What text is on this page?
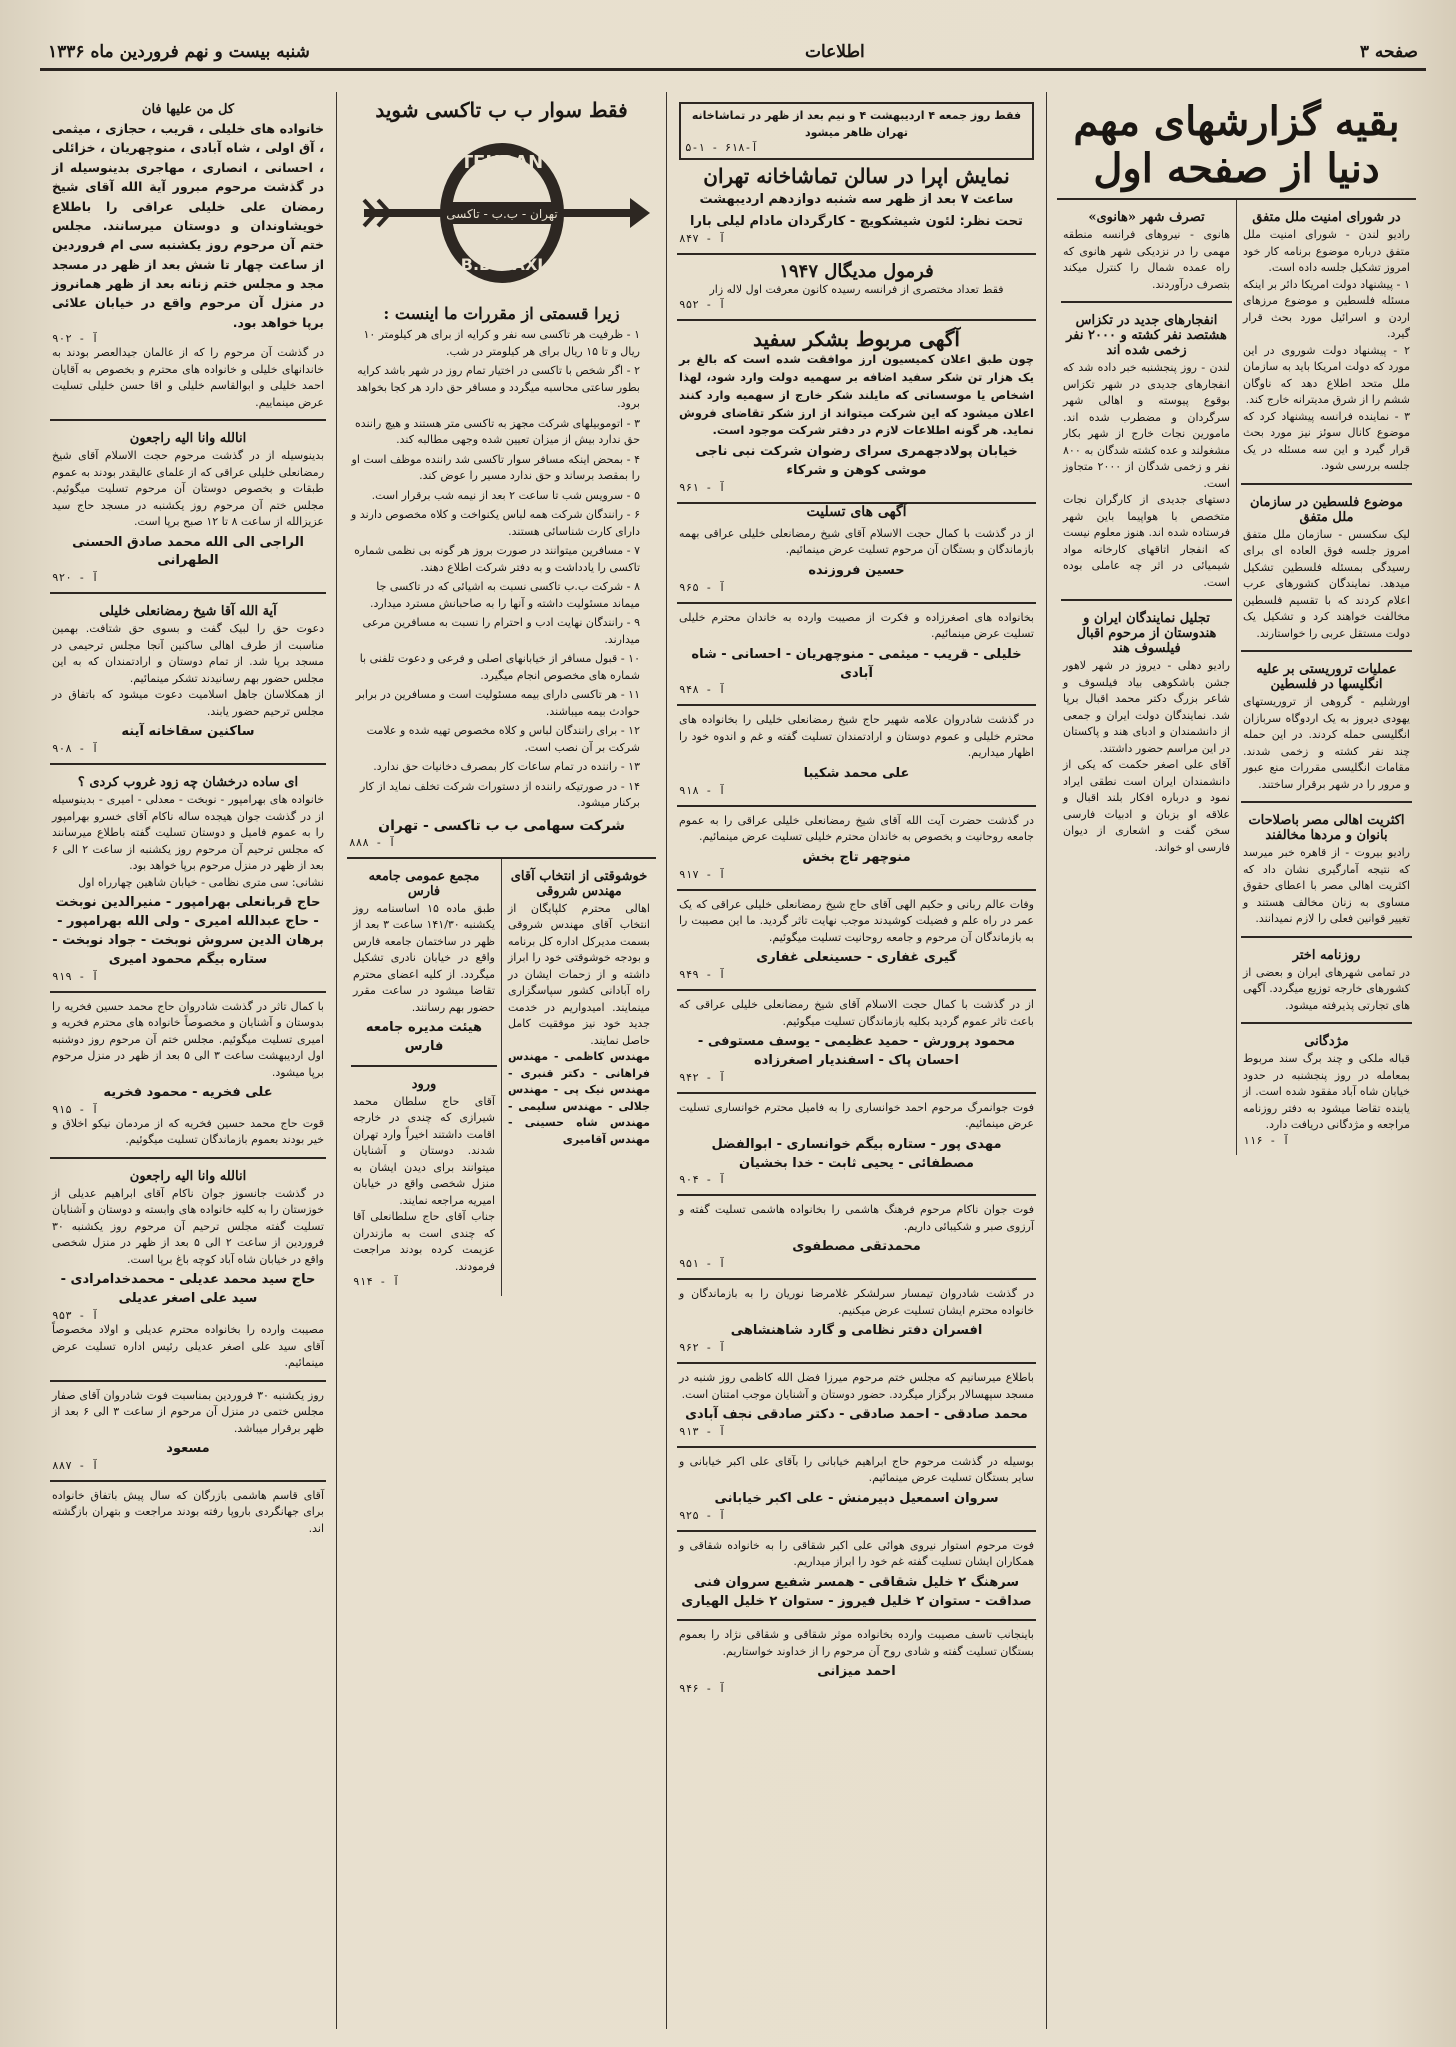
صفحه ۳
اطلاعات
شنبه بیست و نهم فروردین ماه ۱۳۳۶
بقیه گزارشهای مهم دنیا از صفحه اول
در شورای امنیت ملل متفق
رادیو لندن - شورای امنیت ملل متفق درباره موضوع برنامه کار خود امروز تشکیل جلسه داده است.
۱ - پیشنهاد دولت امریکا دائر بر اینکه مسئله فلسطین و موضوع مرزهای اردن و اسرائیل مورد بحث قرار گیرد.
۲ - پیشنهاد دولت شوروی در این مورد که دولت امریکا باید به سازمان ملل متحد اطلاع دهد که ناوگان ششم را از شرق مدیترانه خارج کند.
۳ - نماینده فرانسه پیشنهاد کرد که موضوع کانال سوئز نیز مورد بحث قرار گیرد و این سه مسئله در یک جلسه بررسی شود.
موضوع فلسطین در سازمان ملل متفق
لیک سکسس - سازمان ملل متفق امروز جلسه فوق العاده ای برای رسیدگی بمسئله فلسطین تشکیل میدهد. نمایندگان کشورهای عرب اعلام کردند که با تقسیم فلسطین مخالفت خواهند کرد و تشکیل یک دولت مستقل عربی را خواستارند.
عملیات تروریستی بر علیه انگلیسها در فلسطین
اورشلیم - گروهی از تروریستهای یهودی دیروز به یک اردوگاه سربازان انگلیسی حمله کردند. در این حمله چند نفر کشته و زخمی شدند. مقامات انگلیسی مقررات منع عبور و مرور را در شهر برقرار ساختند.
اکثریت اهالی مصر باصلاحات بانوان و مردها مخالفند
رادیو بیروت - از قاهره خبر میرسد که نتیجه آمارگیری نشان داد که اکثریت اهالی مصر با اعطای حقوق مساوی به زنان مخالف هستند و تغییر قوانین فعلی را لازم نمیدانند.
روزنامه اختر
در تمامی شهرهای ایران و بعضی از کشورهای خارجه توزیع میگردد. آگهی های تجارتی پذیرفته میشود.
مژدگانی
قباله ملکی و چند برگ سند مربوط بمعامله در روز پنجشنبه در حدود خیابان شاه آباد مفقود شده است. از یابنده تقاضا میشود به دفتر روزنامه مراجعه و مژدگانی دریافت دارد.
آ - ۱۱۶
تصرف شهر «هانوی»
هانوی - نیروهای فرانسه منطقه مهمی را در نزدیکی شهر هانوی که راه عمده شمال را کنترل میکند بتصرف درآوردند.
انفجارهای جدید در تکزاس هشتصد نفر کشته و ۲۰۰۰ نفر زخمی شده اند
لندن - روز پنجشنبه خبر داده شد که انفجارهای جدیدی در شهر تکزاس بوقوع پیوسته و اهالی شهر سرگردان و مضطرب شده اند. مامورین نجات خارج از شهر بکار مشغولند و عده کشته شدگان به ۸۰۰ نفر و زخمی شدگان از ۲۰۰۰ متجاوز است.
دستهای جدیدی از کارگران نجات متخصص با هواپیما باین شهر فرستاده شده اند. هنوز معلوم نیست که انفجار اتاقهای کارخانه مواد شیمیائی در اثر چه عاملی بوده است.
تجلیل نمایندگان ایران و هندوستان از مرحوم اقبال فیلسوف هند
رادیو دهلی - دیروز در شهر لاهور جشن باشکوهی بیاد فیلسوف و شاعر بزرگ دکتر محمد اقبال برپا شد. نمایندگان دولت ایران و جمعی از دانشمندان و ادبای هند و پاکستان در این مراسم حضور داشتند.
آقای علی اصغر حکمت که یکی از دانشمندان ایران است نطقی ایراد نمود و درباره افکار بلند اقبال و علاقه او بزبان و ادبیات فارسی سخن گفت و اشعاری از دیوان فارسی او خواند.
فقط روز جمعه ۴ اردیبهشت ۴ و نیم بعد از ظهر در تماشاخانه تهران ظاهر میشود
آ-۶۱۸ - ۱-۵
نمایش اپرا در سالن تماشاخانه تهران
ساعت ۷ بعد از ظهر سه شنبه دوازدهم اردیبهشت
تحت نظر: لئون شیشکویچ - کارگردان مادام لیلی بارا
آ - ۸۴۷
فرمول مدیگال ۱۹۴۷
فقط تعداد مختصری از فرانسه رسیده کانون معرفت اول لاله زار
آ - ۹۵۲
آگهی مربوط بشکر سفید
چون طبق اعلان کمیسیون ارز موافقت شده است که بالغ بر یک هزار تن شکر سفید اضافه بر سهمیه دولت وارد شود، لهذا اشخاص یا موسساتی که مایلند شکر خارج از سهمیه وارد کنند اعلان میشود که این شرکت میتواند از ارز شکر تقاضای فروش نماید. هر گونه اطلاعات لازم در دفتر شرکت موجود است.
خیابان پولادجهمری سرای رضوان شرکت نبی ناجی موشی کوهن و شرکاء
آ - ۹۶۱
آگهی های تسلیت
از در گذشت با کمال حجت الاسلام آقای شیخ رمضانعلی خلیلی عراقی بهمه بازماندگان و بستگان آن مرحوم تسلیت عرض مینمائیم.
حسین فروزنده
آ - ۹۶۵
بخانواده های اصغرزاده و فکرت از مصیبت وارده به خاندان محترم خلیلی تسلیت عرض مینمائیم.
خلیلی - قریب - میثمی - منوچهریان - احسانی - شاه آبادی
آ - ۹۴۸
در گذشت شادروان علامه شهیر حاج شیخ رمضانعلی خلیلی را بخانواده های محترم خلیلی و عموم دوستان و ارادتمندان تسلیت گفته و غم و اندوه خود را اظهار میداریم.
علی محمد شکیبا
آ - ۹۱۸
در گذشت حضرت آیت الله آقای شیخ رمضانعلی خلیلی عراقی را به عموم جامعه روحانیت و بخصوص به خاندان محترم خلیلی تسلیت عرض مینمائیم.
منوچهر تاج بخش
آ - ۹۱۷
وفات عالم ربانی و حکیم الهی آقای حاج شیخ رمضانعلی خلیلی عراقی که یک عمر در راه علم و فضیلت کوشیدند موجب نهایت تاثر گردید. ما این مصیبت را به بازماندگان آن مرحوم و جامعه روحانیت تسلیت میگوئیم.
گیری غفاری - حسینعلی غفاری
آ - ۹۴۹
از در گذشت با کمال حجت الاسلام آقای شیخ رمضانعلی خلیلی عراقی که باعث تاثر عموم گردید بکلیه بازماندگان تسلیت میگوئیم.
محمود پرورش - حمید عظیمی - یوسف مستوفی - احسان پاک - اسفندیار اصغرزاده
آ - ۹۴۲
فوت جوانمرگ مرحوم احمد خوانساری را به فامیل محترم خوانساری تسلیت عرض مینمائیم.
مهدی پور - ستاره بیگم خوانساری - ابوالفضل مصطفائی - یحیی ثابت - خدا بخشیان
آ - ۹۰۴
فوت جوان ناکام مرحوم فرهنگ هاشمی را بخانواده هاشمی تسلیت گفته و آرزوی صبر و شکیبائی داریم.
محمدتقی مصطفوی
آ - ۹۵۱
در گذشت شادروان تیمسار سرلشکر غلامرضا نوریان را به بازماندگان و خانواده محترم ایشان تسلیت عرض میکنیم.
افسران دفتر نظامی و گارد شاهنشاهی
آ - ۹۶۲
باطلاع میرسانیم که مجلس ختم مرحوم میرزا فضل الله کاظمی روز شنبه در مسجد سپهسالار برگزار میگردد. حضور دوستان و آشنایان موجب امتنان است.
محمد صادقی - احمد صادقی - دکتر صادقی نجف آبادی
آ - ۹۱۳
بوسیله در گذشت مرحوم حاج ابراهیم خیابانی را بآقای علی اکبر خیابانی و سایر بستگان تسلیت عرض مینمائیم.
سروان اسمعیل دبیرمنش - علی اکبر خیابانی
آ - ۹۲۵
فوت مرحوم استوار نیروی هوائی علی اکبر شقاقی را به خانواده شقاقی و همکاران ایشان تسلیت گفته غم خود را ابراز میداریم.
سرهنگ ۲ خلیل شقاقی - همسر شفیع سروان فنی صداقت - ستوان ۲ خلیل فیروز - ستوان ۲ خلیل الهیاری
باینجانب تاسف مصیبت وارده بخانواده موثر شقاقی و شقاقی نژاد را بعموم بستگان تسلیت گفته و شادی روح آن مرحوم را از خداوند خواستاریم.
احمد میزانی
آ - ۹۴۶
فقط سوار ب ب تاکسی شوید
TEHRAN
B.B. TAXI
تهران - ب.ب - تاکسی
زیرا قسمتی از مقررات ما اینست :
۱ - ظرفیت هر تاکسی سه نفر و کرایه از برای هر کیلومتر ۱۰ ریال و تا ۱۵ ریال برای هر کیلومتر در شب.
۲ - اگر شخص با تاکسی در اختیار تمام روز در شهر باشد کرایه بطور ساعتی محاسبه میگردد و مسافر حق دارد هر کجا بخواهد برود.
۳ - اتوموبیلهای شرکت مجهز به تاکسی متر هستند و هیچ راننده حق ندارد بیش از میزان تعیین شده وجهی مطالبه کند.
۴ - بمحض اینکه مسافر سوار تاکسی شد راننده موظف است او را بمقصد برساند و حق ندارد مسیر را عوض کند.
۵ - سرویس شب تا ساعت ۲ بعد از نیمه شب برقرار است.
۶ - رانندگان شرکت همه لباس یکنواخت و کلاه مخصوص دارند و دارای کارت شناسائی هستند.
۷ - مسافرین میتوانند در صورت بروز هر گونه بی نظمی شماره تاکسی را یادداشت و به دفتر شرکت اطلاع دهند.
۸ - شرکت ب.ب تاکسی نسبت به اشیائی که در تاکسی جا میماند مسئولیت داشته و آنها را به صاحبانش مسترد میدارد.
۹ - رانندگان نهایت ادب و احترام را نسبت به مسافرین مرعی میدارند.
۱۰ - قبول مسافر از خیابانهای اصلی و فرعی و دعوت تلفنی با شماره های مخصوص انجام میگیرد.
۱۱ - هر تاکسی دارای بیمه مسئولیت است و مسافرین در برابر حوادث بیمه میباشند.
۱۲ - برای رانندگان لباس و کلاه مخصوص تهیه شده و علامت شرکت بر آن نصب است.
۱۳ - راننده در تمام ساعات کار بمصرف دخانیات حق ندارد.
۱۴ - در صورتیکه راننده از دستورات شرکت تخلف نماید از کار برکنار میشود.
شرکت سهامی ب ب تاکسی - تهران
آ - ۸۸۸
خوشوقتی از انتخاب آقای مهندس شروقی
اهالی محترم کلپایگان از انتخاب آقای مهندس شروقی بسمت مدیرکل اداره کل برنامه و بودجه خوشوقتی خود را ابراز داشته و از زحمات ایشان در راه آبادانی کشور سپاسگزاری مینمایند. امیدواریم در خدمت جدید خود نیز موفقیت کامل حاصل نمایند.
مهندس کاظمی - مهندس فراهانی - دکتر قنبری - مهندس نیک پی - مهندس جلالی - مهندس سلیمی - مهندس شاه حسینی - مهندس آقامیری
مجمع عمومی جامعه فارس
طبق ماده ۱۵ اساسنامه روز یکشنبه ۱۴۱/۳۰ ساعت ۳ بعد از ظهر در ساختمان جامعه فارس واقع در خیابان نادری تشکیل میگردد. از کلیه اعضای محترم تقاضا میشود در ساعت مقرر حضور بهم رسانند.
هیئت مدیره جامعه فارس
ورود
آقای حاج سلطان محمد شیرازی که چندی در خارجه اقامت داشتند اخیراً وارد تهران شدند. دوستان و آشنایان میتوانند برای دیدن ایشان به منزل شخصی واقع در خیابان امیریه مراجعه نمایند.
جناب آقای حاج سلطانعلی آقا که چندی است به مازندران عزیمت کرده بودند مراجعت فرمودند.
آ - ۹۱۴
کل من علیها فان
خانواده های خلیلی ، قریب ، حجازی ، میثمی ، آق اولی ، شاه آبادی ، منوچهریان ، خزائلی ، احسانی ، انصاری ، مهاجری بدینوسیله از در گذشت مرحوم مبرور آیة الله آقای شیخ رمضان علی خلیلی عراقی را باطلاع خویشاوندان و دوستان میرسانند. مجلس ختم آن مرحوم روز یکشنبه سی ام فروردین از ساعت چهار تا شش بعد از ظهر در مسجد مجد و مجلس ختم زنانه بعد از ظهر همانروز در منزل آن مرحوم واقع در خیابان علائی برپا خواهد بود.
آ - ۹۰۲
در گذشت آن مرحوم را که از عالمان جیدالعصر بودند به خاندانهای خلیلی و خانواده های محترم و بخصوص به آقایان احمد خلیلی و ابوالقاسم خلیلی و اقا حسن خلیلی تسلیت عرض مینماییم.
انالله وانا الیه راجعون
بدینوسیله از در گذشت مرحوم حجت الاسلام آقای شیخ رمضانعلی خلیلی عراقی که از علمای عالیقدر بودند به عموم طبقات و بخصوص دوستان آن مرحوم تسلیت میگوئیم. مجلس ختم آن مرحوم روز یکشنبه در مسجد حاج سید عزیزالله از ساعت ۸ تا ۱۲ صبح برپا است.
الراجی الی الله محمد صادق الحسنی الطهرانی
آ - ۹۲۰
آیة الله آقا شیخ رمضانعلی خلیلی
دعوت حق را لبیک گفت و بسوی حق شتافت. بهمین مناسبت از طرف اهالی ساکنین آنجا مجلس ترحیمی در مسجد برپا شد. از تمام دوستان و ارادتمندان که به این مجلس حضور بهم رسانیدند تشکر مینمائیم.
از همکلاسان جاهل اسلامیت دعوت میشود که باتفاق در مجلس ترحیم حضور یابند.
ساکنین سقاخانه آینه
آ - ۹۰۸
ای ساده درخشان چه زود غروب کردی ؟
خانواده های بهرامپور - نوبخت - معدلی - امیری - بدینوسیله از در گذشت جوان هیجده ساله ناکام آقای خسرو بهرامپور را به عموم فامیل و دوستان تسلیت گفته باطلاع میرسانند که مجلس ترحیم آن مرحوم روز یکشنبه از ساعت ۲ الی ۶ بعد از ظهر در منزل مرحوم برپا خواهد بود.
نشانی: سی متری نظامی - خیابان شاهین چهارراه اول
حاج قربانعلی بهرامپور - منیرالدین نوبخت - حاج عبدالله امیری - ولی الله بهرامپور - برهان الدین سروش نوبخت - جواد نوبخت - ستاره بیگم محمود امیری
آ - ۹۱۹
با کمال تاثر در گذشت شادروان حاج محمد حسین فخریه را بدوستان و آشنایان و مخصوصاً خانواده های محترم فخریه و امیری تسلیت میگوئیم. مجلس ختم آن مرحوم روز دوشنبه اول اردیبهشت ساعت ۳ الی ۵ بعد از ظهر در منزل مرحوم برپا میشود.
علی فخریه - محمود فخریه
آ - ۹۱۵
قوت حاج محمد حسین فخریه که از مردمان نیکو اخلاق و خیر بودند بعموم بازماندگان تسلیت میگوئیم.
انالله وانا الیه راجعون
در گذشت جانسوز جوان ناکام آقای ابراهیم عدیلی از خوزستان را به کلیه خانواده های وابسته و دوستان و آشنایان تسلیت گفته مجلس ترحیم آن مرحوم روز یکشنبه ۳۰ فروردین از ساعت ۲ الی ۵ بعد از ظهر در منزل شخصی واقع در خیابان شاه آباد کوچه باغ برپا است.
حاج سید محمد عدیلی - محمدخدامرادی - سید علی اصغر عدیلی
آ - ۹۵۳
مصیبت وارده را بخانواده محترم عدیلی و اولاد مخصوصاً آقای سید علی اصغر عدیلی رئیس اداره تسلیت عرض مینمائیم.
روز یکشنبه ۳۰ فروردین بمناسبت فوت شادروان آقای صفار مجلس ختمی در منزل آن مرحوم از ساعت ۳ الی ۶ بعد از ظهر برقرار میباشد.
مسعود
آ - ۸۸۷
آقای قاسم هاشمی بازرگان که سال پیش باتفاق خانواده برای جهانگردی باروپا رفته بودند مراجعت و بتهران بازگشته اند.
